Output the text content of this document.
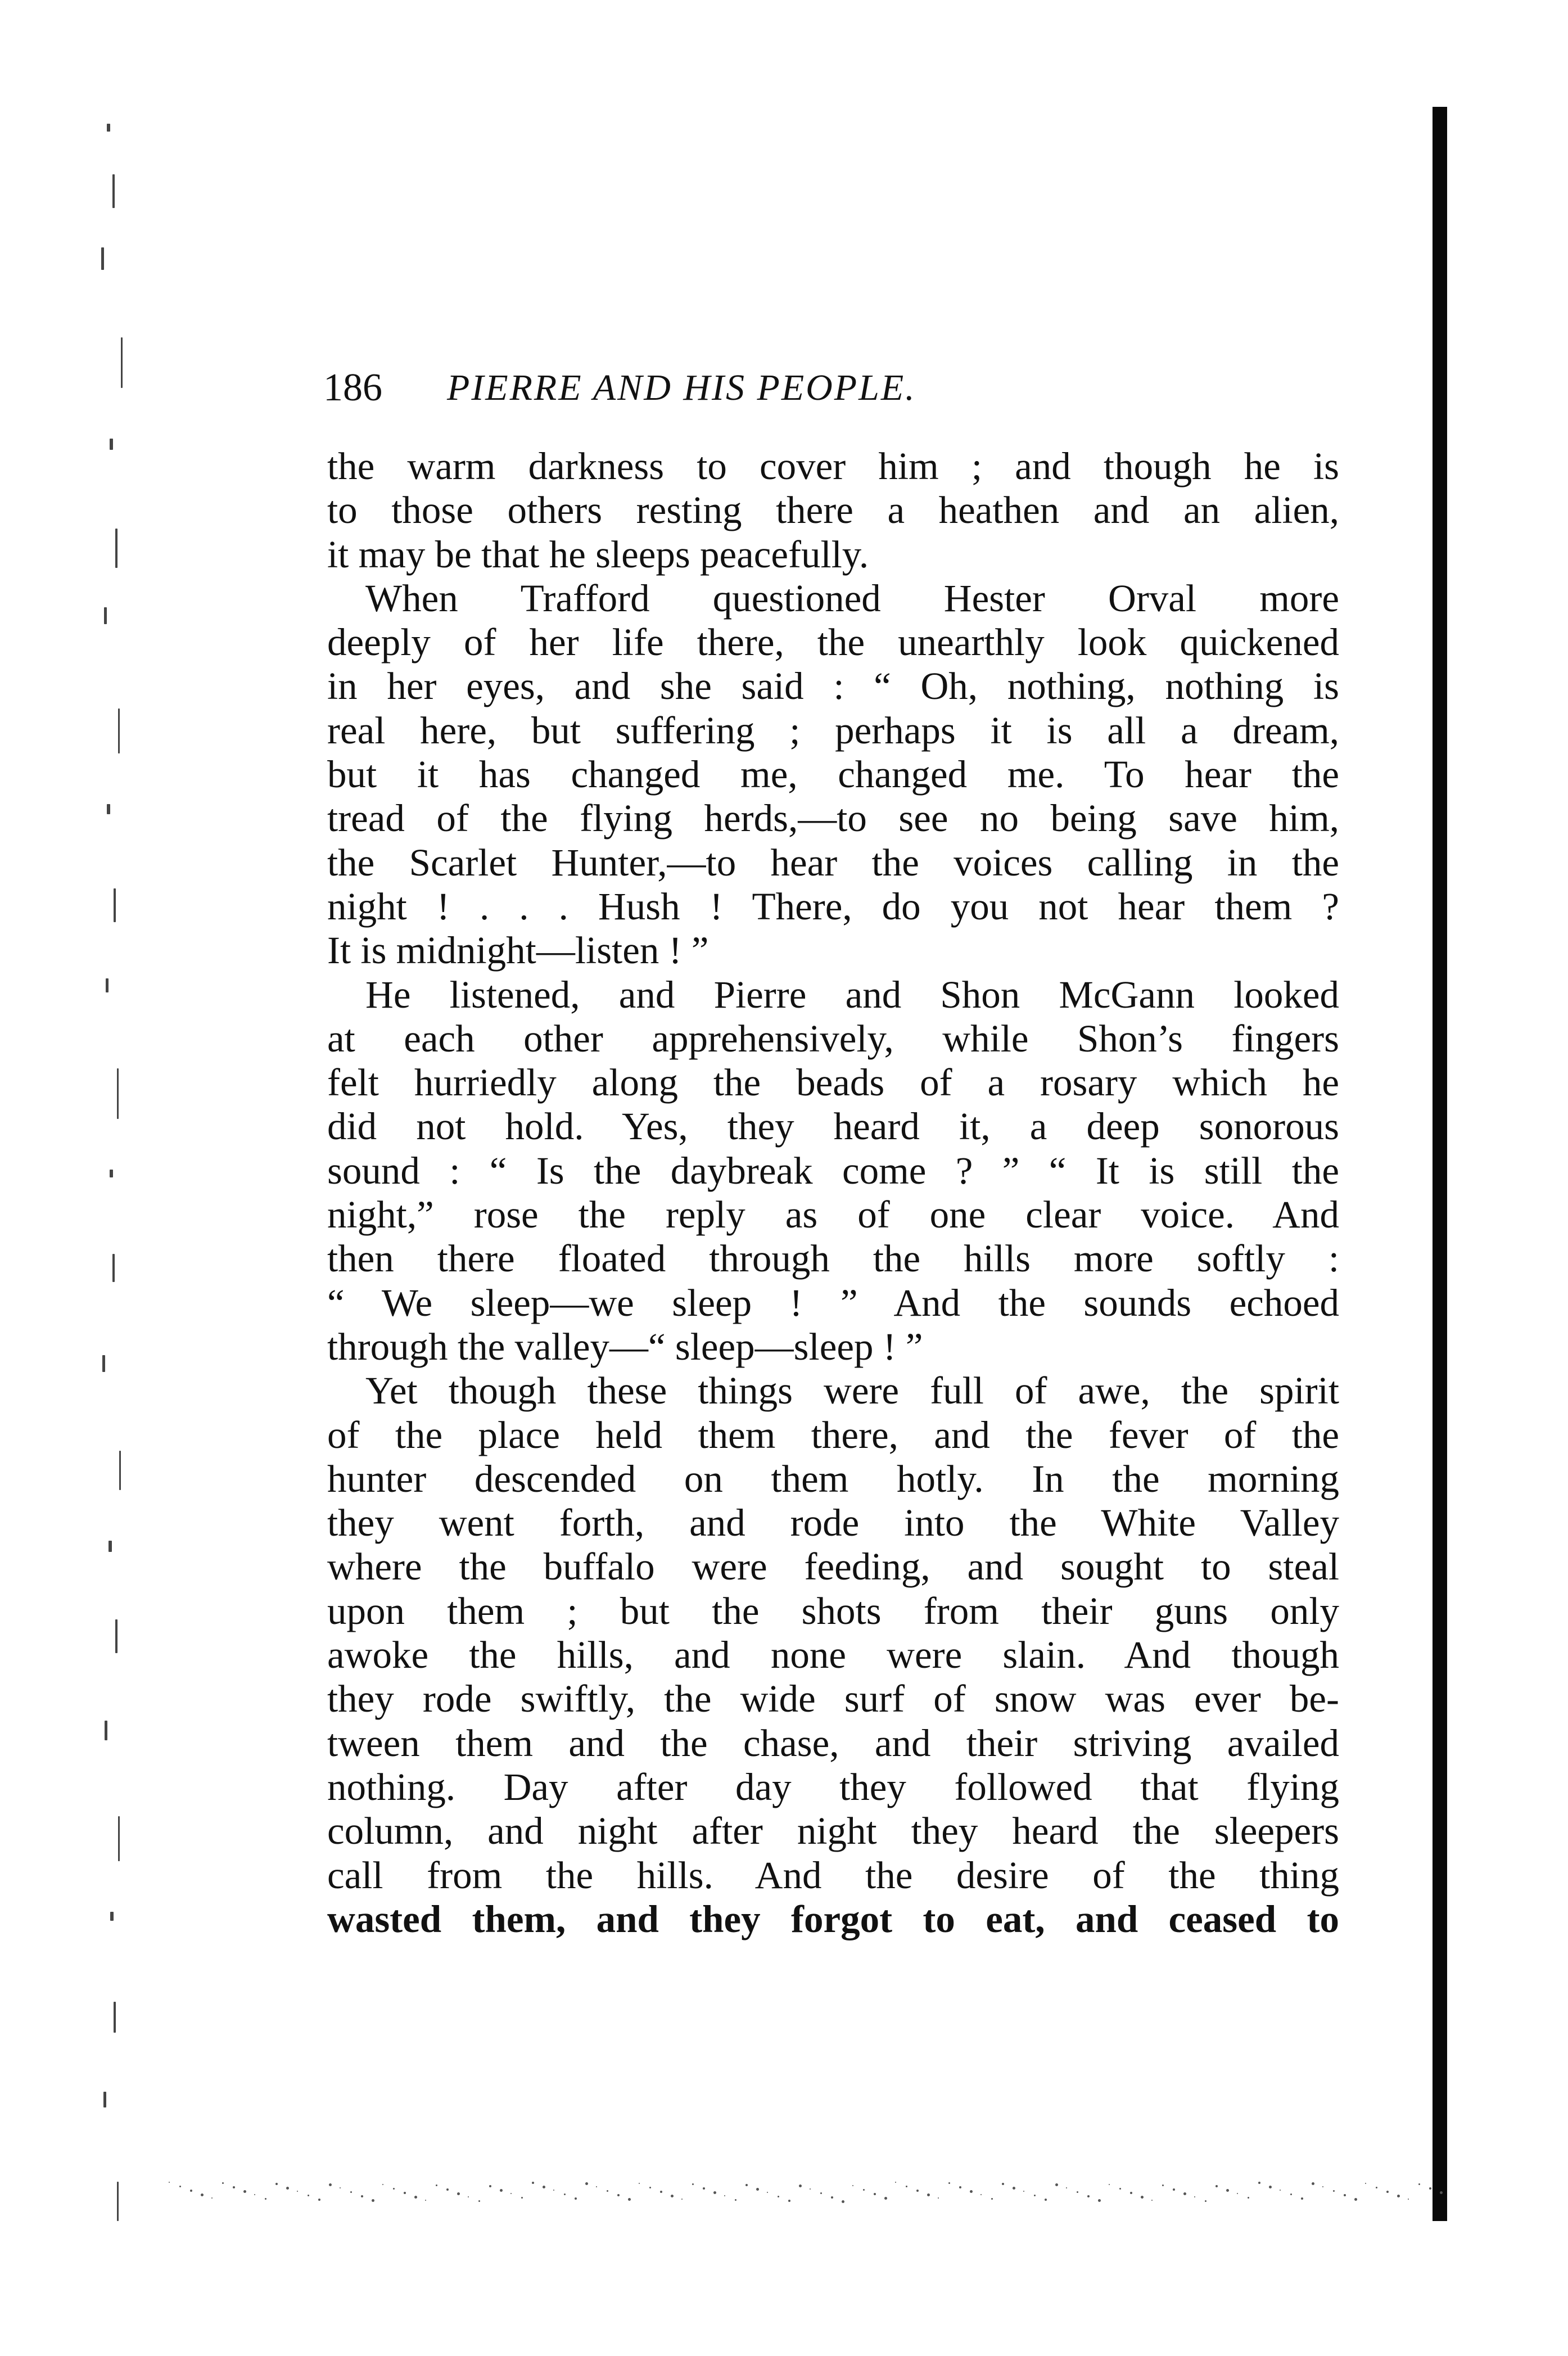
186 PIERRE AND HIS PEOPLE.
the warm darkness to cover him ; and though he is
to those others resting there a heathen and an alien,
it may be that he sleeps peacefully.
When Trafford questioned Hester Orval more
deeply of her life there, the unearthly look quickened
in her eyes, and she said : “ Oh, nothing, nothing is
real here, but suffering ; perhaps it is all a dream,
but it has changed me, changed me. To hear the
tread of the flying herds,—to see no being save him,
the Scarlet Hunter,—to hear the voices calling in the
night ! . . . Hush ! There, do you not hear them ?
It is midnight—listen ! ”
He listened, and Pierre and Shon McGann looked
at each other apprehensively, while Shon’s fingers
felt hurriedly along the beads of a rosary which he
did not hold. Yes, they heard it, a deep sonorous
sound : “ Is the daybreak come ? ” “ It is still the
night,” rose the reply as of one clear voice. And
then there floated through the hills more softly :
“ We sleep—we sleep ! ” And the sounds echoed
through the valley—“ sleep—sleep ! ”
Yet though these things were full of awe, the spirit
of the place held them there, and the fever of the
hunter descended on them hotly. In the morning
they went forth, and rode into the White Valley
where the buffalo were feeding, and sought to steal
upon them ; but the shots from their guns only
awoke the hills, and none were slain. And though
they rode swiftly, the wide surf of snow was ever be-
tween them and the chase, and their striving availed
nothing. Day after day they followed that flying
column, and night after night they heard the sleepers
call from the hills. And the desire of the thing
wasted them, and they forgot to eat, and ceased to
